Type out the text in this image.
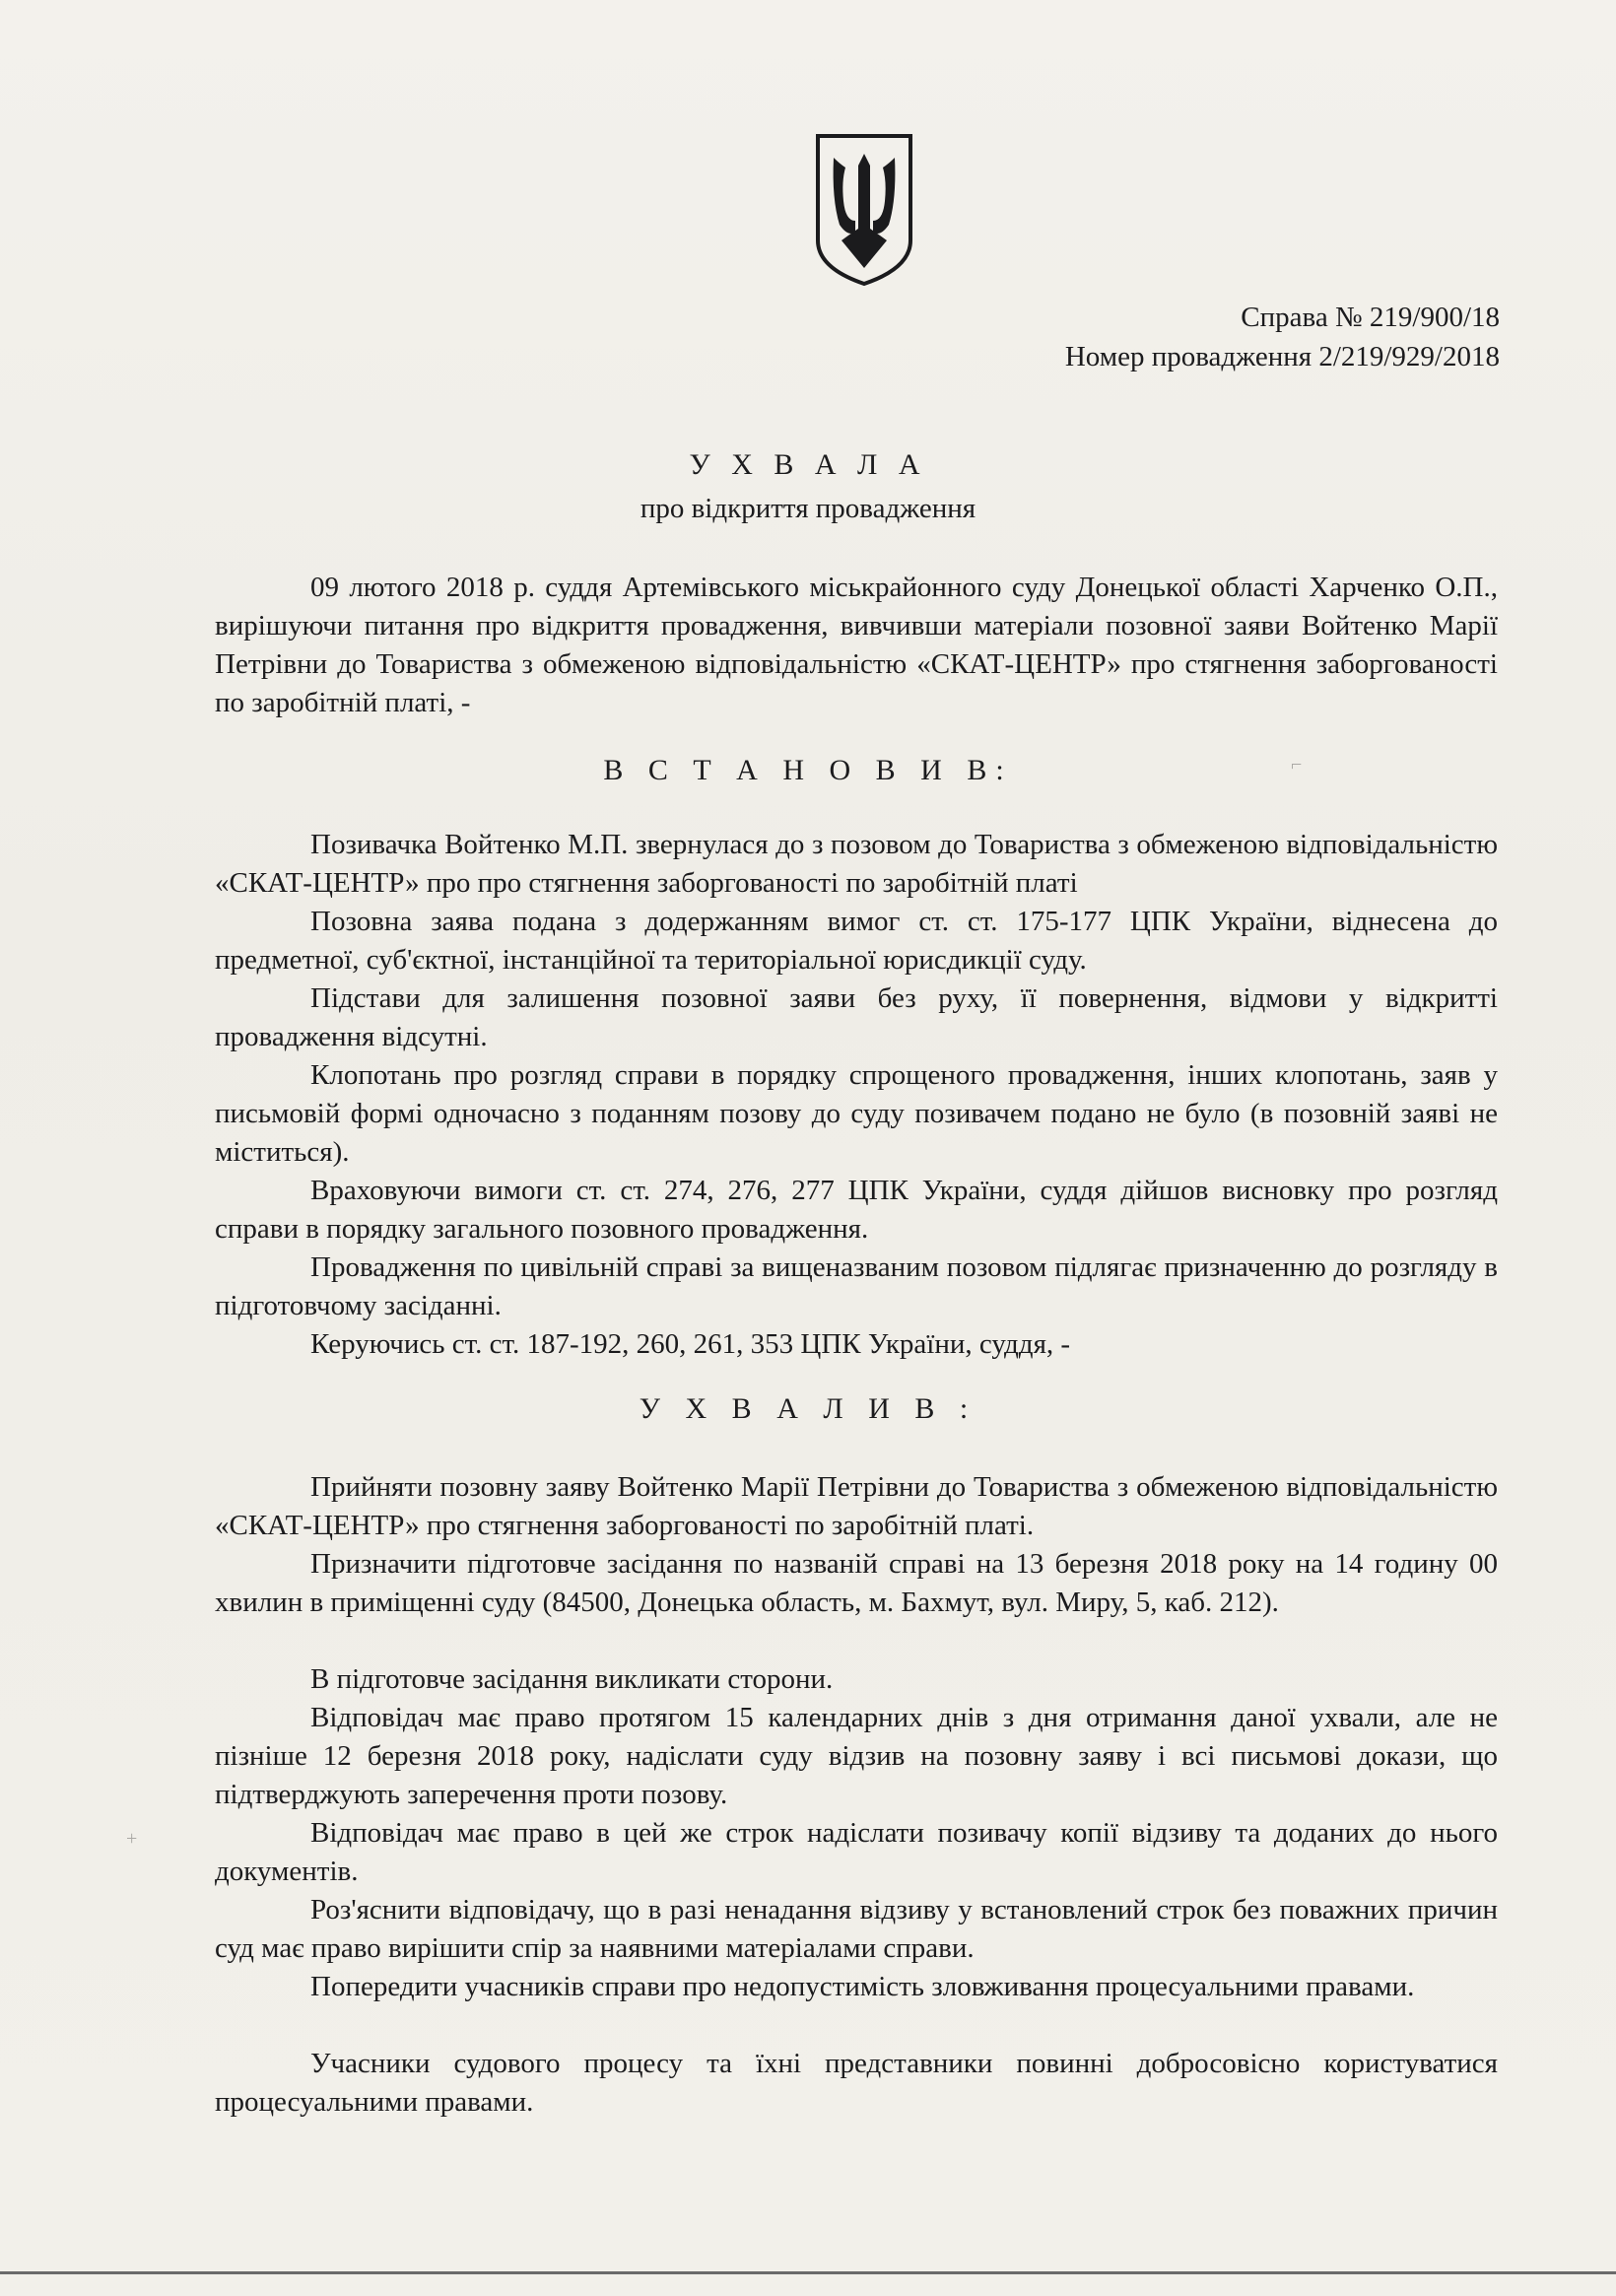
Справа № 219/900/18
Номер провадження 2/219/929/2018
У Х В А Л А
про відкриття провадження
09 лютого 2018 р. суддя Артемівського міськрайонного суду Донецької області Харченко О.П., вирішуючи питання про відкриття провадження, вивчивши матеріали позовної заяви Войтенко Марії Петрівни до Товариства з обмеженою відповідальністю «СКАТ-ЦЕНТР» про стягнення заборгованості по заробітній платі, -
В С Т А Н О В И В:
Позивачка Войтенко М.П. звернулася до з позовом до Товариства з обмеженою відповідальністю «СКАТ-ЦЕНТР» про про стягнення заборгованості по заробітній платі
Позовна заява подана з додержанням вимог ст. ст. 175-177 ЦПК України, віднесена до предметної, суб'єктної, інстанційної та територіальної юрисдикції суду.
Підстави для залишення позовної заяви без руху, її повернення, відмови у відкритті провадження відсутні.
Клопотань про розгляд справи в порядку спрощеного провадження, інших клопотань, заяв у письмовій формі одночасно з поданням позову до суду позивачем подано не було (в позовній заяві не міститься).
Враховуючи вимоги ст. ст. 274, 276, 277 ЦПК України, суддя дійшов висновку про розгляд справи в порядку загального позовного провадження.
Провадження по цивільній справі за вищеназваним позовом підлягає призначенню до розгляду в підготовчому засіданні.
Керуючись ст. ст. 187-192, 260, 261, 353 ЦПК України, суддя, -
У Х В А Л И В :
Прийняти позовну заяву Войтенко Марії Петрівни до Товариства з обмеженою відповідальністю «СКАТ-ЦЕНТР» про стягнення заборгованості по заробітній платі.
Призначити підготовче засідання по названій справі на 13 березня 2018 року на 14 годину 00 хвилин в приміщенні суду (84500, Донецька область, м. Бахмут, вул. Миру, 5, каб. 212).
В підготовче засідання викликати сторони.
Відповідач має право протягом 15 календарних днів з дня отримання даної ухвали, але не пізніше 12 березня 2018 року, надіслати суду відзив на позовну заяву і всі письмові докази, що підтверджують заперечення проти позову.
Відповідач має право в цей же строк надіслати позивачу копії відзиву та доданих до нього документів.
Роз'яснити відповідачу, що в разі ненадання відзиву у встановлений строк без поважних причин суд має право вирішити спір за наявними матеріалами справи.
Попередити учасників справи про недопустимість зловживання процесуальними правами.
Учасники судового процесу та їхні представники повинні добросовісно користуватися процесуальними правами.
⌐
+
